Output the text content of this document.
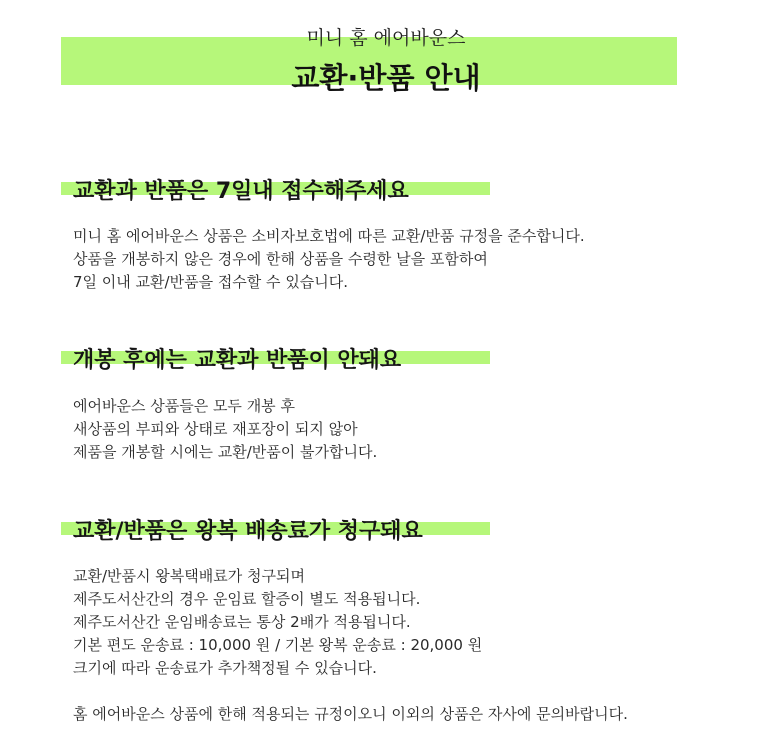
미니 홈 에어바운스
교환·반품 안내
교환과 반품은 7일내 접수해주세요
미니 홈 에어바운스 상품은 소비자보호법에 따른 교환/반품 규정을 준수합니다.
상품을 개봉하지 않은 경우에 한해 상품을 수령한 날을 포함하여
7일 이내 교환/반품을 접수할 수 있습니다.
개봉 후에는 교환과 반품이 안돼요
에어바운스 상품들은 모두 개봉 후
새상품의 부피와 상태로 재포장이 되지 않아
제품을 개봉할 시에는 교환/반품이 불가합니다.
교환/반품은 왕복 배송료가 청구돼요
교환/반품시 왕복택배료가 청구되며
제주도서산간의 경우 운임료 할증이 별도 적용됩니다.
제주도서산간 운임배송료는 통상 2배가 적용됩니다.
기본 편도 운송료 : 10,000 원 / 기본 왕복 운송료 : 20,000 원
크기에 따라 운송료가 추가책정될 수 있습니다.
홈 에어바운스 상품에 한해 적용되는 규정이오니 이외의 상품은 자사에 문의바랍니다.
